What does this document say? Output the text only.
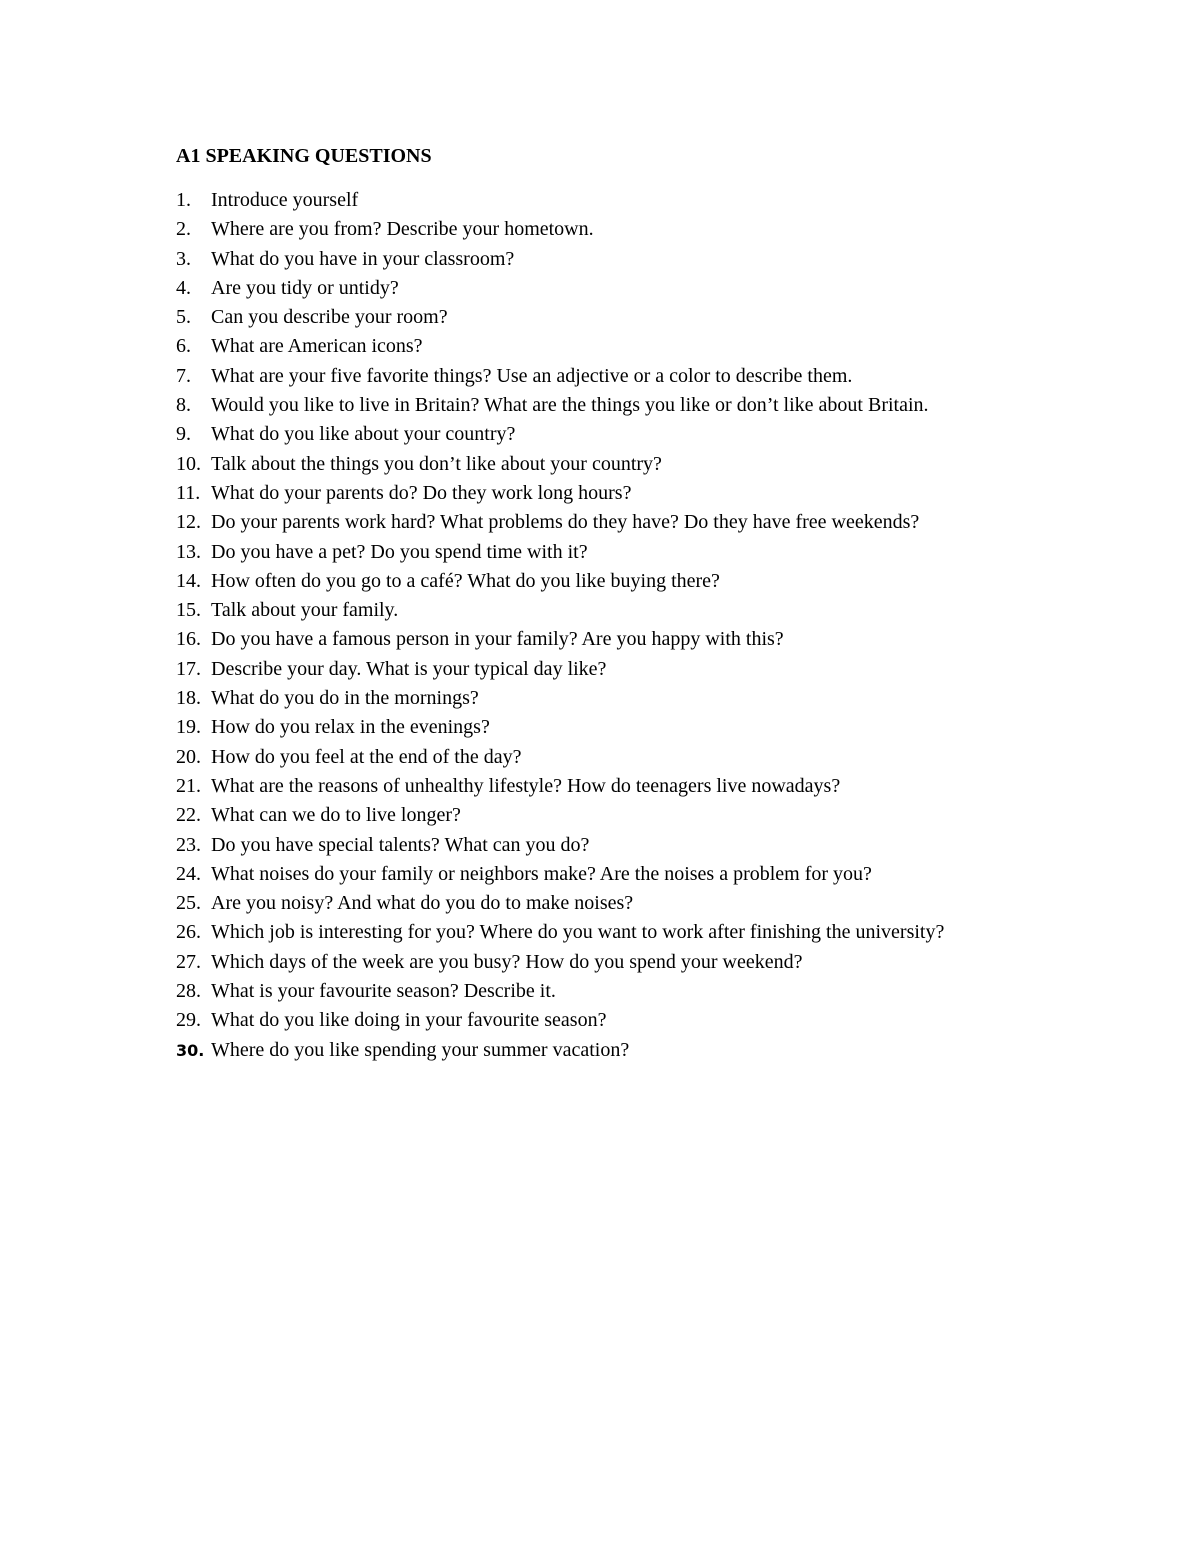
A1 SPEAKING QUESTIONS
1. Introduce yourself
2. Where are you from? Describe your hometown.
3. What do you have in your classroom?
4. Are you tidy or untidy?
5. Can you describe your room?
6. What are American icons?
7. What are your five favorite things? Use an adjective or a color to describe them.
8. Would you like to live in Britain? What are the things you like or don’t like about Britain.
9. What do you like about your country?
10. Talk about the things you don’t like about your country?
11. What do your parents do? Do they work long hours?
12. Do your parents work hard? What problems do they have? Do they have free weekends?
13. Do you have a pet? Do you spend time with it?
14. How often do you go to a café? What do you like buying there?
15. Talk about your family.
16. Do you have a famous person in your family? Are you happy with this?
17. Describe your day. What is your typical day like?
18. What do you do in the mornings?
19. How do you relax in the evenings?
20. How do you feel at the end of the day?
21. What are the reasons of unhealthy lifestyle? How do teenagers live nowadays?
22. What can we do to live longer?
23. Do you have special talents? What can you do?
24. What noises do your family or neighbors make? Are the noises a problem for you?
25. Are you noisy? And what do you do to make noises?
26. Which job is interesting for you? Where do you want to work after finishing the university?
27. Which days of the week are you busy? How do you spend your weekend?
28. What is your favourite season? Describe it.
29. What do you like doing in your favourite season?
30. Where do you like spending your summer vacation?
